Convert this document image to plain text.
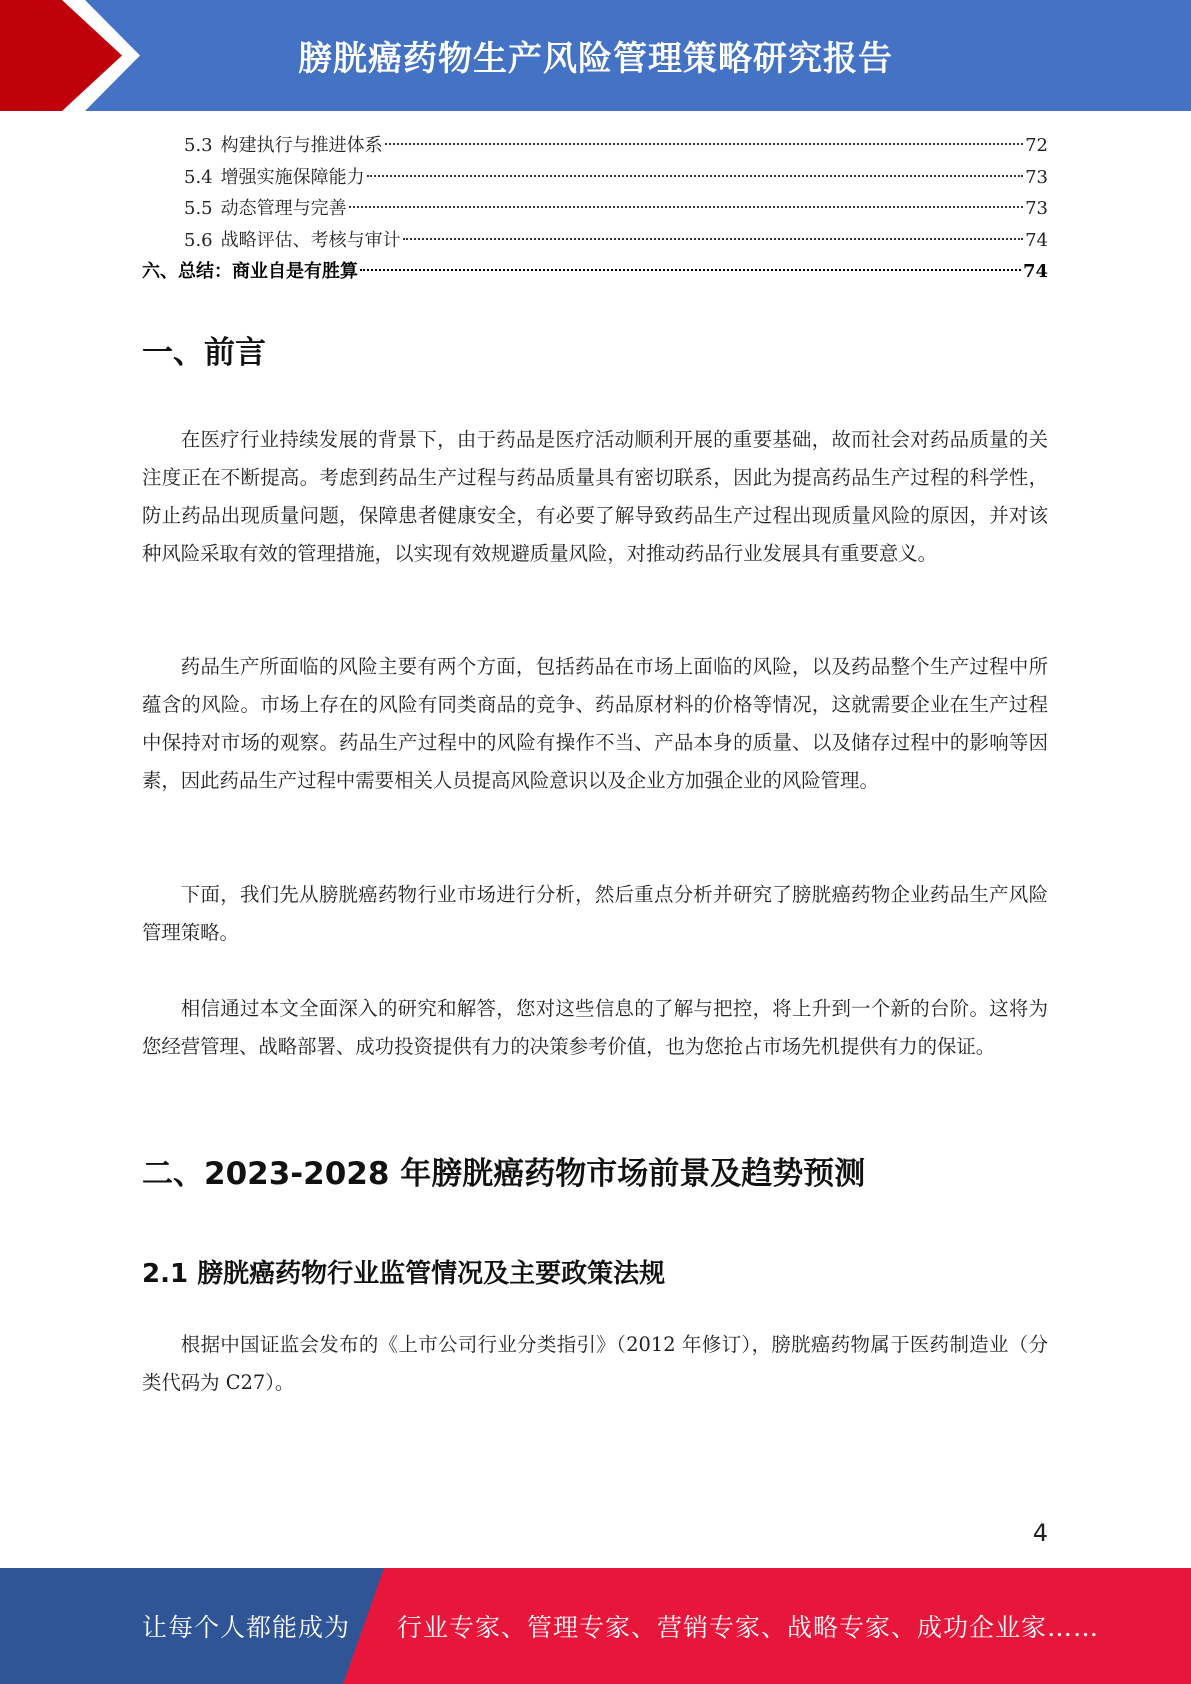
膀胱癌药物生产风险管理策略研究报告
5.3 构建执行与推进体系	72
5.4 增强实施保障能力	73
5.5 动态管理与完善	73
5.6 战略评估、考核与审计	74
六、总结：商业自是有胜算	74
一、前言

在医疗行业持续发展的背景下，由于药品是医疗活动顺利开展的重要基础，故而社会对药品质量的关注度正在不断提高。考虑到药品生产过程与药品质量具有密切联系，因此为提高药品生产过程的科学性，防止药品出现质量问题，保障患者健康安全，有必要了解导致药品生产过程出现质量风险的原因，并对该种风险采取有效的管理措施，以实现有效规避质量风险，对推动药品行业发展具有重要意义。

药品生产所面临的风险主要有两个方面，包括药品在市场上面临的风险，以及药品整个生产过程中所蕴含的风险。市场上存在的风险有同类商品的竞争、药品原材料的价格等情况，这就需要企业在生产过程中保持对市场的观察。药品生产过程中的风险有操作不当、产品本身的质量、以及储存过程中的影响等因素，因此药品生产过程中需要相关人员提高风险意识以及企业方加强企业的风险管理。

下面，我们先从膀胱癌药物行业市场进行分析，然后重点分析并研究了膀胱癌药物企业药品生产风险管理策略。

相信通过本文全面深入的研究和解答，您对这些信息的了解与把控，将上升到一个新的台阶。这将为您经营管理、战略部署、成功投资提供有力的决策参考价值，也为您抢占市场先机提供有力的保证。

二、2023-2028 年膀胱癌药物市场前景及趋势预测
2.1 膀胱癌药物行业监管情况及主要政策法规

根据中国证监会发布的《上市公司行业分类指引》（2012 年修订），膀胱癌药物属于医药制造业（分类代码为 C27）。

4
让每个人都能成为 行业专家、管理专家、营销专家、战略专家、成功企业家……
